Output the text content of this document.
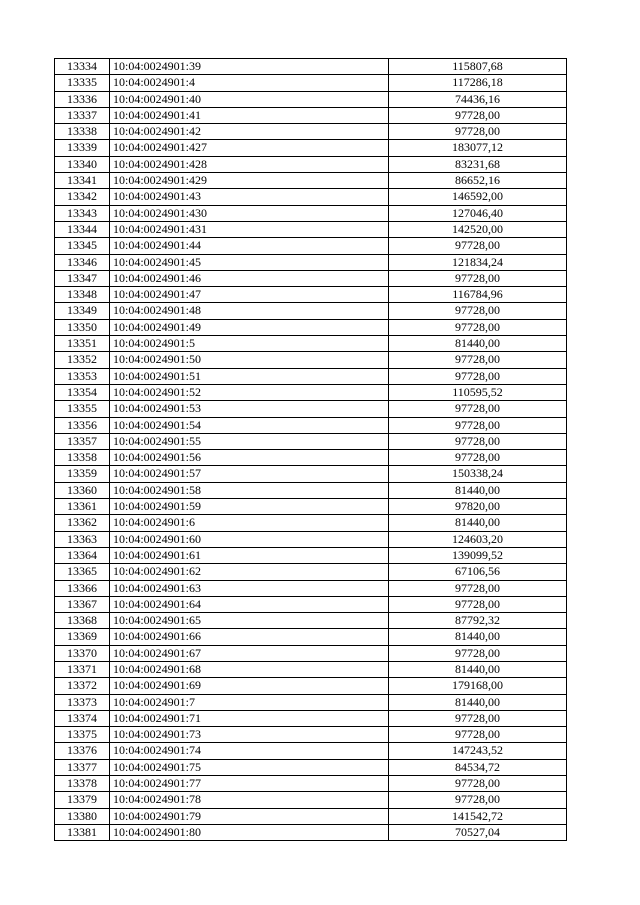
13334	10:04:0024901:39	115807,68
13335	10:04:0024901:4	117286,18
13336	10:04:0024901:40	74436,16
13337	10:04:0024901:41	97728,00
13338	10:04:0024901:42	97728,00
13339	10:04:0024901:427	183077,12
13340	10:04:0024901:428	83231,68
13341	10:04:0024901:429	86652,16
13342	10:04:0024901:43	146592,00
13343	10:04:0024901:430	127046,40
13344	10:04:0024901:431	142520,00
13345	10:04:0024901:44	97728,00
13346	10:04:0024901:45	121834,24
13347	10:04:0024901:46	97728,00
13348	10:04:0024901:47	116784,96
13349	10:04:0024901:48	97728,00
13350	10:04:0024901:49	97728,00
13351	10:04:0024901:5	81440,00
13352	10:04:0024901:50	97728,00
13353	10:04:0024901:51	97728,00
13354	10:04:0024901:52	110595,52
13355	10:04:0024901:53	97728,00
13356	10:04:0024901:54	97728,00
13357	10:04:0024901:55	97728,00
13358	10:04:0024901:56	97728,00
13359	10:04:0024901:57	150338,24
13360	10:04:0024901:58	81440,00
13361	10:04:0024901:59	97820,00
13362	10:04:0024901:6	81440,00
13363	10:04:0024901:60	124603,20
13364	10:04:0024901:61	139099,52
13365	10:04:0024901:62	67106,56
13366	10:04:0024901:63	97728,00
13367	10:04:0024901:64	97728,00
13368	10:04:0024901:65	87792,32
13369	10:04:0024901:66	81440,00
13370	10:04:0024901:67	97728,00
13371	10:04:0024901:68	81440,00
13372	10:04:0024901:69	179168,00
13373	10:04:0024901:7	81440,00
13374	10:04:0024901:71	97728,00
13375	10:04:0024901:73	97728,00
13376	10:04:0024901:74	147243,52
13377	10:04:0024901:75	84534,72
13378	10:04:0024901:77	97728,00
13379	10:04:0024901:78	97728,00
13380	10:04:0024901:79	141542,72
13381	10:04:0024901:80	70527,04
